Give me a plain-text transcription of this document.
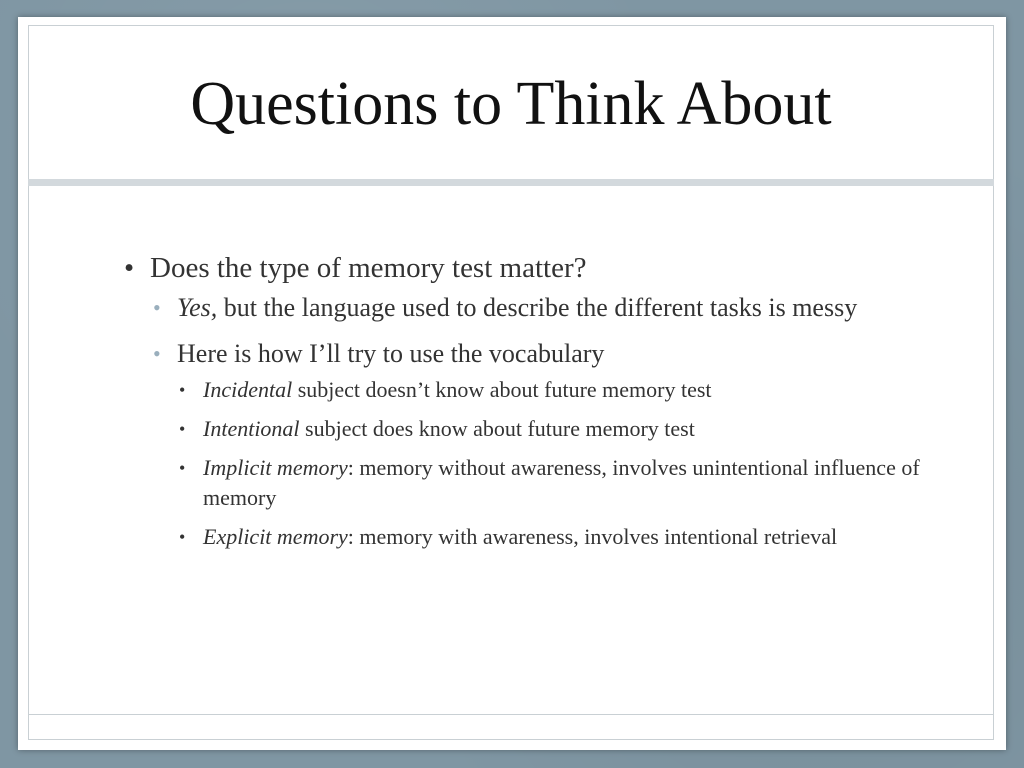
Questions to Think About
• Does the type of memory test matter?
• Yes, but the language used to describe the different tasks is messy
• Here is how I’ll try to use the vocabulary
• Incidental subject doesn’t know about future memory test
• Intentional subject does know about future memory test
• Implicit memory: memory without awareness, involves unintentional influence of memory
• Explicit memory: memory with awareness, involves intentional retrieval
